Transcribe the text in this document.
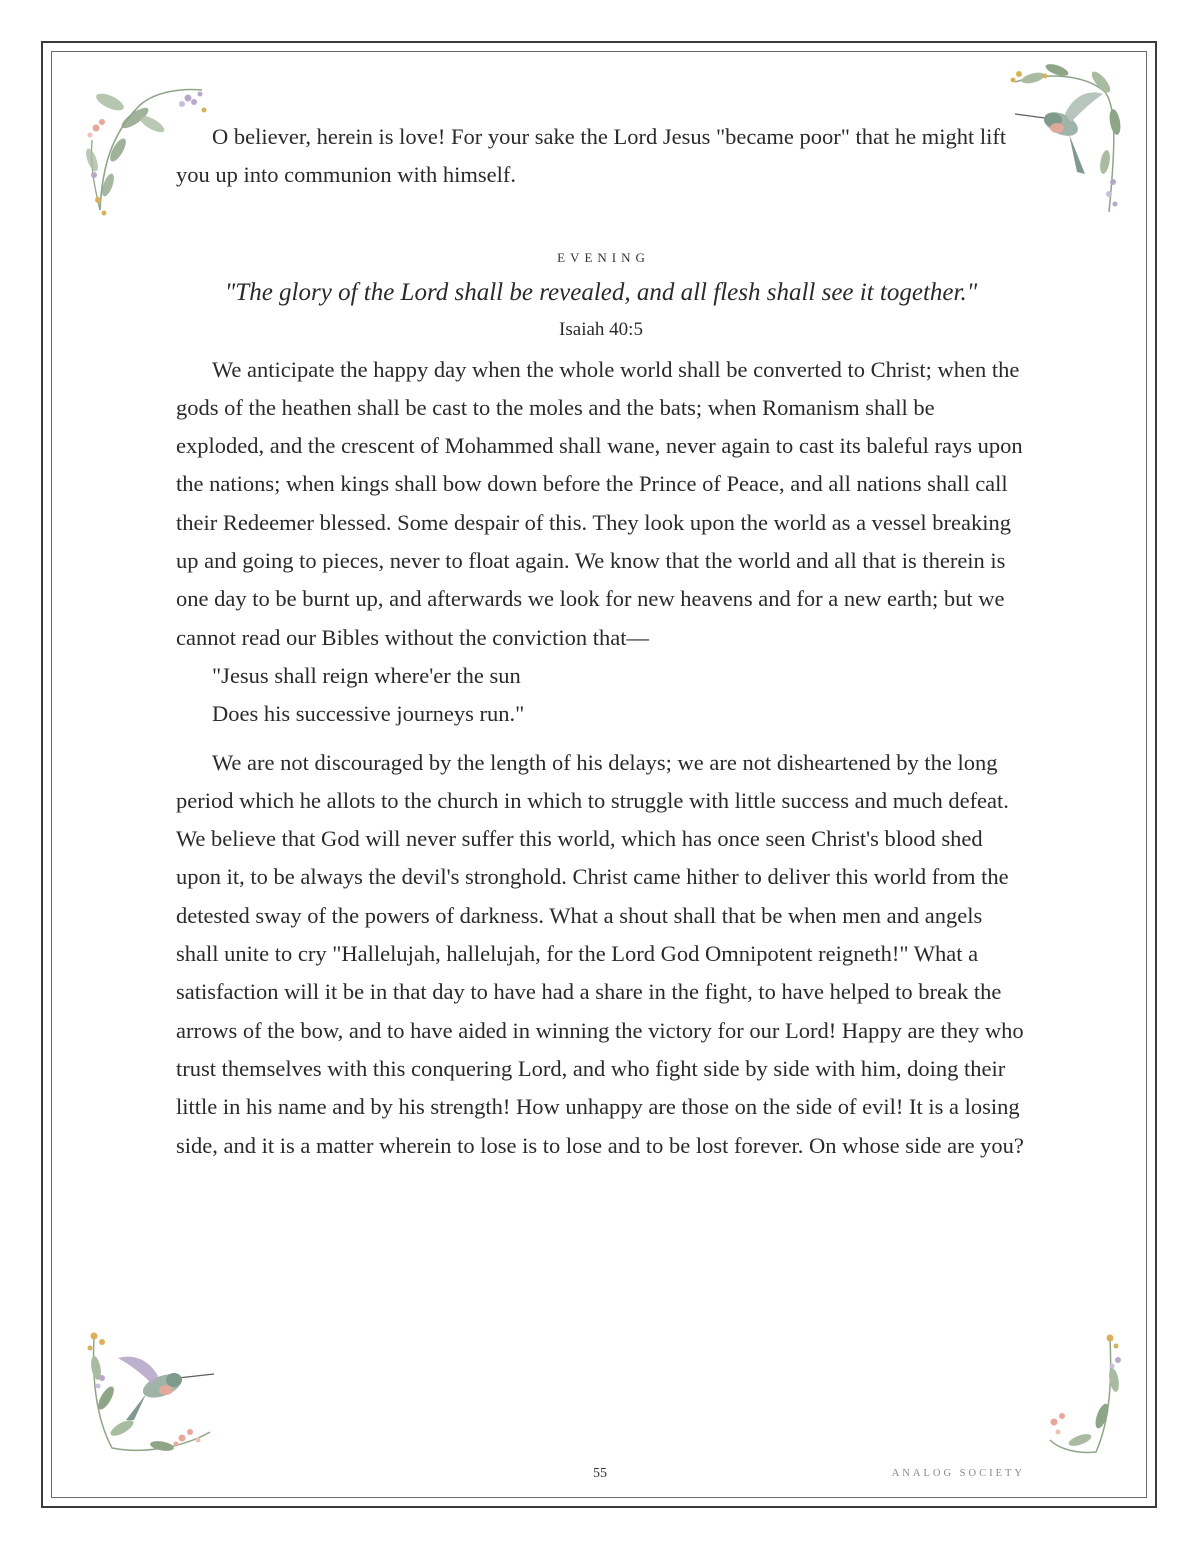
O believer, herein is love! For your sake the Lord Jesus "became poor" that he might lift you up into communion with himself.

EVENING
"The glory of the Lord shall be revealed, and all flesh shall see it together."
Isaiah 40:5

We anticipate the happy day when the whole world shall be converted to Christ; when the gods of the heathen shall be cast to the moles and the bats; when Romanism shall be exploded, and the crescent of Mohammed shall wane, never again to cast its baleful rays upon the nations; when kings shall bow down before the Prince of Peace, and all nations shall call their Redeemer blessed. Some despair of this. They look upon the world as a vessel breaking up and going to pieces, never to float again. We know that the world and all that is therein is one day to be burnt up, and afterwards we look for new heavens and for a new earth; but we cannot read our Bibles without the conviction that—

"Jesus shall reign where'er the sun

Does his successive journeys run."

We are not discouraged by the length of his delays; we are not disheartened by the long period which he allots to the church in which to struggle with little success and much defeat. We believe that God will never suffer this world, which has once seen Christ's blood shed upon it, to be always the devil's stronghold. Christ came hither to deliver this world from the detested sway of the powers of darkness. What a shout shall that be when men and angels shall unite to cry "Hallelujah, hallelujah, for the Lord God Omnipotent reigneth!" What a satisfaction will it be in that day to have had a share in the fight, to have helped to break the arrows of the bow, and to have aided in winning the victory for our Lord! Happy are they who trust themselves with this conquering Lord, and who fight side by side with him, doing their little in his name and by his strength! How unhappy are those on the side of evil! It is a losing side, and it is a matter wherein to lose is to lose and to be lost forever. On whose side are you?

55	ANALOG SOCIETY
